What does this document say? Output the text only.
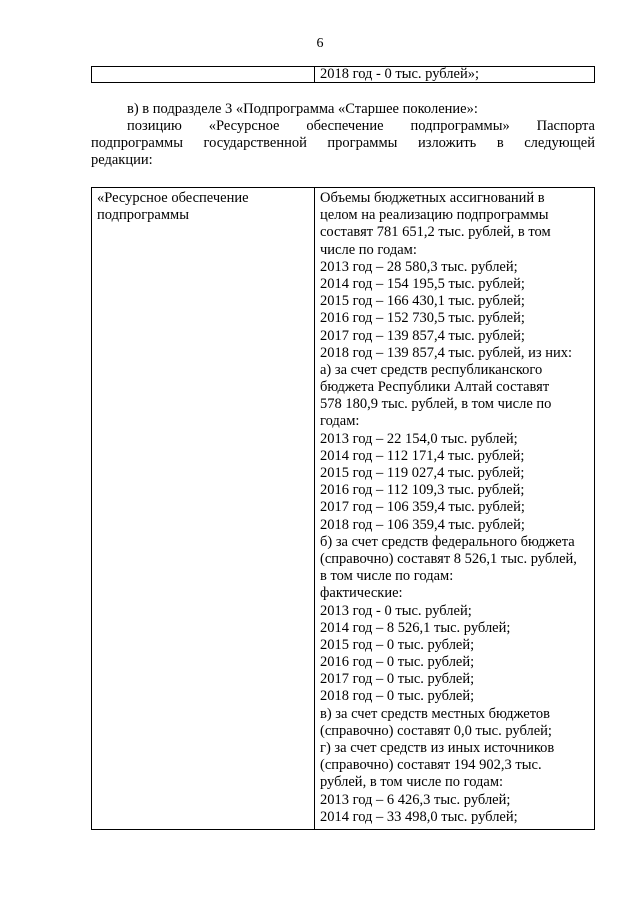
6
2018 год - 0 тыс. рублей»;
в) в подразделе 3 «Подпрограмма «Старшее поколение»:
позицию «Ресурсное обеспечение подпрограммы» Паспорта
подпрограммы государственной программы изложить в следующей
редакции:
«Ресурсное обеспечение
подпрограммы
Объемы бюджетных ассигнований в
целом на реализацию подпрограммы
составят 781 651,2 тыс. рублей, в том
числе по годам:
2013 год – 28 580,3 тыс. рублей;
2014 год – 154 195,5 тыс. рублей;
2015 год – 166 430,1 тыс. рублей;
2016 год – 152 730,5 тыс. рублей;
2017 год – 139 857,4 тыс. рублей;
2018 год – 139 857,4 тыс. рублей, из них:
а) за счет средств республиканского
бюджета Республики Алтай составят
578 180,9 тыс. рублей, в том числе по
годам:
2013 год – 22 154,0 тыс. рублей;
2014 год – 112 171,4 тыс. рублей;
2015 год – 119 027,4 тыс. рублей;
2016 год – 112 109,3 тыс. рублей;
2017 год – 106 359,4 тыс. рублей;
2018 год – 106 359,4 тыс. рублей;
б) за счет средств федерального бюджета
(справочно) составят 8 526,1 тыс. рублей,
в том числе по годам:
фактические:
2013 год - 0 тыс. рублей;
2014 год – 8 526,1 тыс. рублей;
2015 год – 0 тыс. рублей;
2016 год – 0 тыс. рублей;
2017 год – 0 тыс. рублей;
2018 год – 0 тыс. рублей;
в) за счет средств местных бюджетов
(справочно) составят 0,0 тыс. рублей;
г) за счет средств из иных источников
(справочно) составят 194 902,3 тыс.
рублей, в том числе по годам:
2013 год – 6 426,3 тыс. рублей;
2014 год – 33 498,0 тыс. рублей;
